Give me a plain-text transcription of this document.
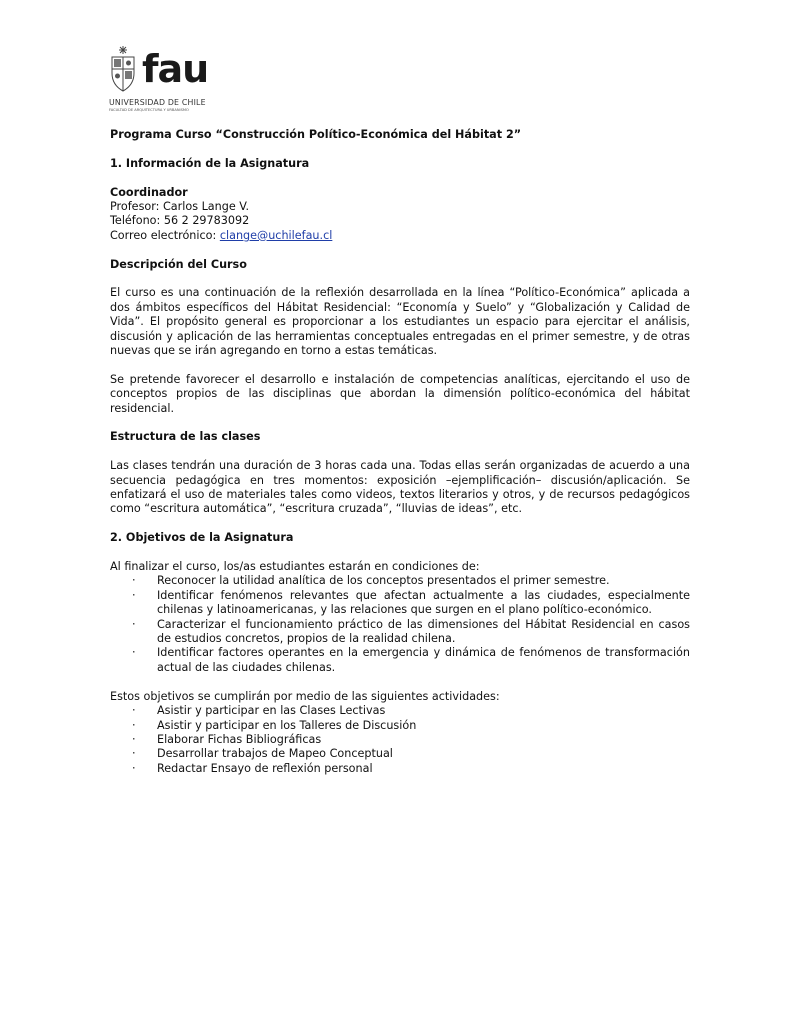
fau
UNIVERSIDAD DE CHILE
FACULTAD DE ARQUITECTURA Y URBANISMO

Programa Curso “Construcción Político-Económica del Hábitat 2”

1. Información de la Asignatura

Coordinador

Profesor: Carlos Lange V.

Teléfono: 56 2 29783092

Correo electrónico: clange@uchilefau.cl

Descripción del Curso

El curso es una continuación de la reflexión desarrollada en la línea “Político-Económica” aplicada a dos ámbitos específicos del Hábitat Residencial: “Economía y Suelo” y “Globalización y Calidad de Vida”. El propósito general es proporcionar a los estudiantes un espacio para ejercitar el análisis, discusión y aplicación de las herramientas conceptuales entregadas en el primer semestre, y de otras nuevas que se irán agregando en torno a estas temáticas.

Se pretende favorecer el desarrollo e instalación de competencias analíticas, ejercitando el uso de conceptos propios de las disciplinas que abordan la dimensión político-económica del hábitat residencial.

Estructura de las clases

Las clases tendrán una duración de 3 horas cada una. Todas ellas serán organizadas de acuerdo a una secuencia pedagógica en tres momentos: exposición –ejemplificación– discusión/aplicación. Se enfatizará el uso de materiales tales como videos, textos literarios y otros, y de recursos pedagógicos como “escritura automática”, “escritura cruzada”, “lluvias de ideas”, etc.

2. Objetivos de la Asignatura

Al finalizar el curso, los/as estudiantes estarán en condiciones de:

· Reconocer la utilidad analítica de los conceptos presentados el primer semestre.
· Identificar fenómenos relevantes que afectan actualmente a las ciudades, especialmente chilenas y latinoamericanas, y las relaciones que surgen en el plano político-económico.
· Caracterizar el funcionamiento práctico de las dimensiones del Hábitat Residencial en casos de estudios concretos, propios de la realidad chilena.
· Identificar factores operantes en la emergencia y dinámica de fenómenos de transformación actual de las ciudades chilenas.

Estos objetivos se cumplirán por medio de las siguientes actividades:

· Asistir y participar en las Clases Lectivas
· Asistir y participar en los Talleres de Discusión
· Elaborar Fichas Bibliográficas
· Desarrollar trabajos de Mapeo Conceptual
· Redactar Ensayo de reflexión personal
